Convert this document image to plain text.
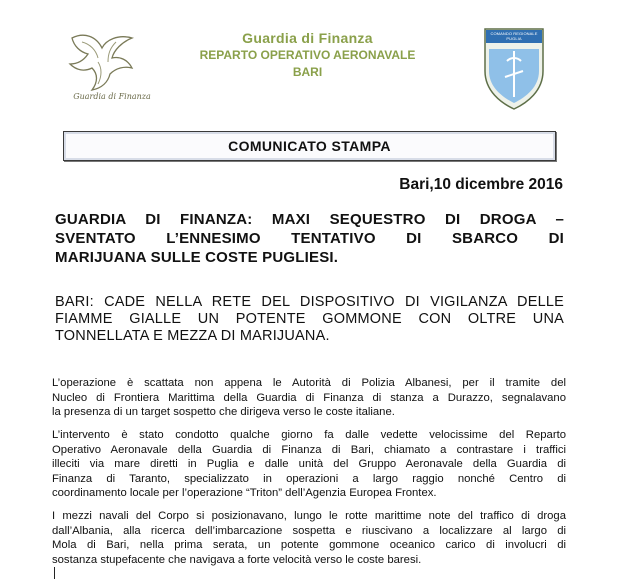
Guardia di Finanza
Guardia di Finanza
REPARTO OPERATIVO AERONAVALE
BARI
COMANDO REGIONALE PUGLIA
COMUNICATO STAMPA
Bari,10 dicembre 2016
GUARDIA DI FINANZA: MAXI SEQUESTRO DI DROGA –
SVENTATO L’ENNESIMO TENTATIVO DI SBARCO DI
MARIJUANA SULLE COSTE PUGLIESI.
BARI: CADE NELLA RETE DEL DISPOSITIVO DI VIGILANZA DELLE
FIAMME GIALLE UN POTENTE GOMMONE CON OLTRE UNA
TONNELLATA E MEZZA DI MARIJUANA.
L’operazione è scattata non appena le Autorità di Polizia Albanesi, per il tramite del
Nucleo di Frontiera Marittima della Guardia di Finanza di stanza a Durazzo, segnalavano
la presenza di un target sospetto che dirigeva verso le coste italiane.
L’intervento è stato condotto qualche giorno fa dalle vedette velocissime del Reparto
Operativo Aeronavale della Guardia di Finanza di Bari, chiamato a contrastare i traffici
illeciti via mare diretti in Puglia e dalle unità del Gruppo Aeronavale della Guardia di
Finanza di Taranto, specializzato in operazioni a largo raggio nonché Centro di
coordinamento locale per l’operazione “Triton” dell’Agenzia Europea Frontex.
I mezzi navali del Corpo si posizionavano, lungo le rotte marittime note del traffico di droga
dall’Albania, alla ricerca dell’imbarcazione sospetta e riuscivano a localizzare al largo di
Mola di Bari, nella prima serata, un potente gommone oceanico carico di involucri di
sostanza stupefacente che navigava a forte velocità verso le coste baresi.
